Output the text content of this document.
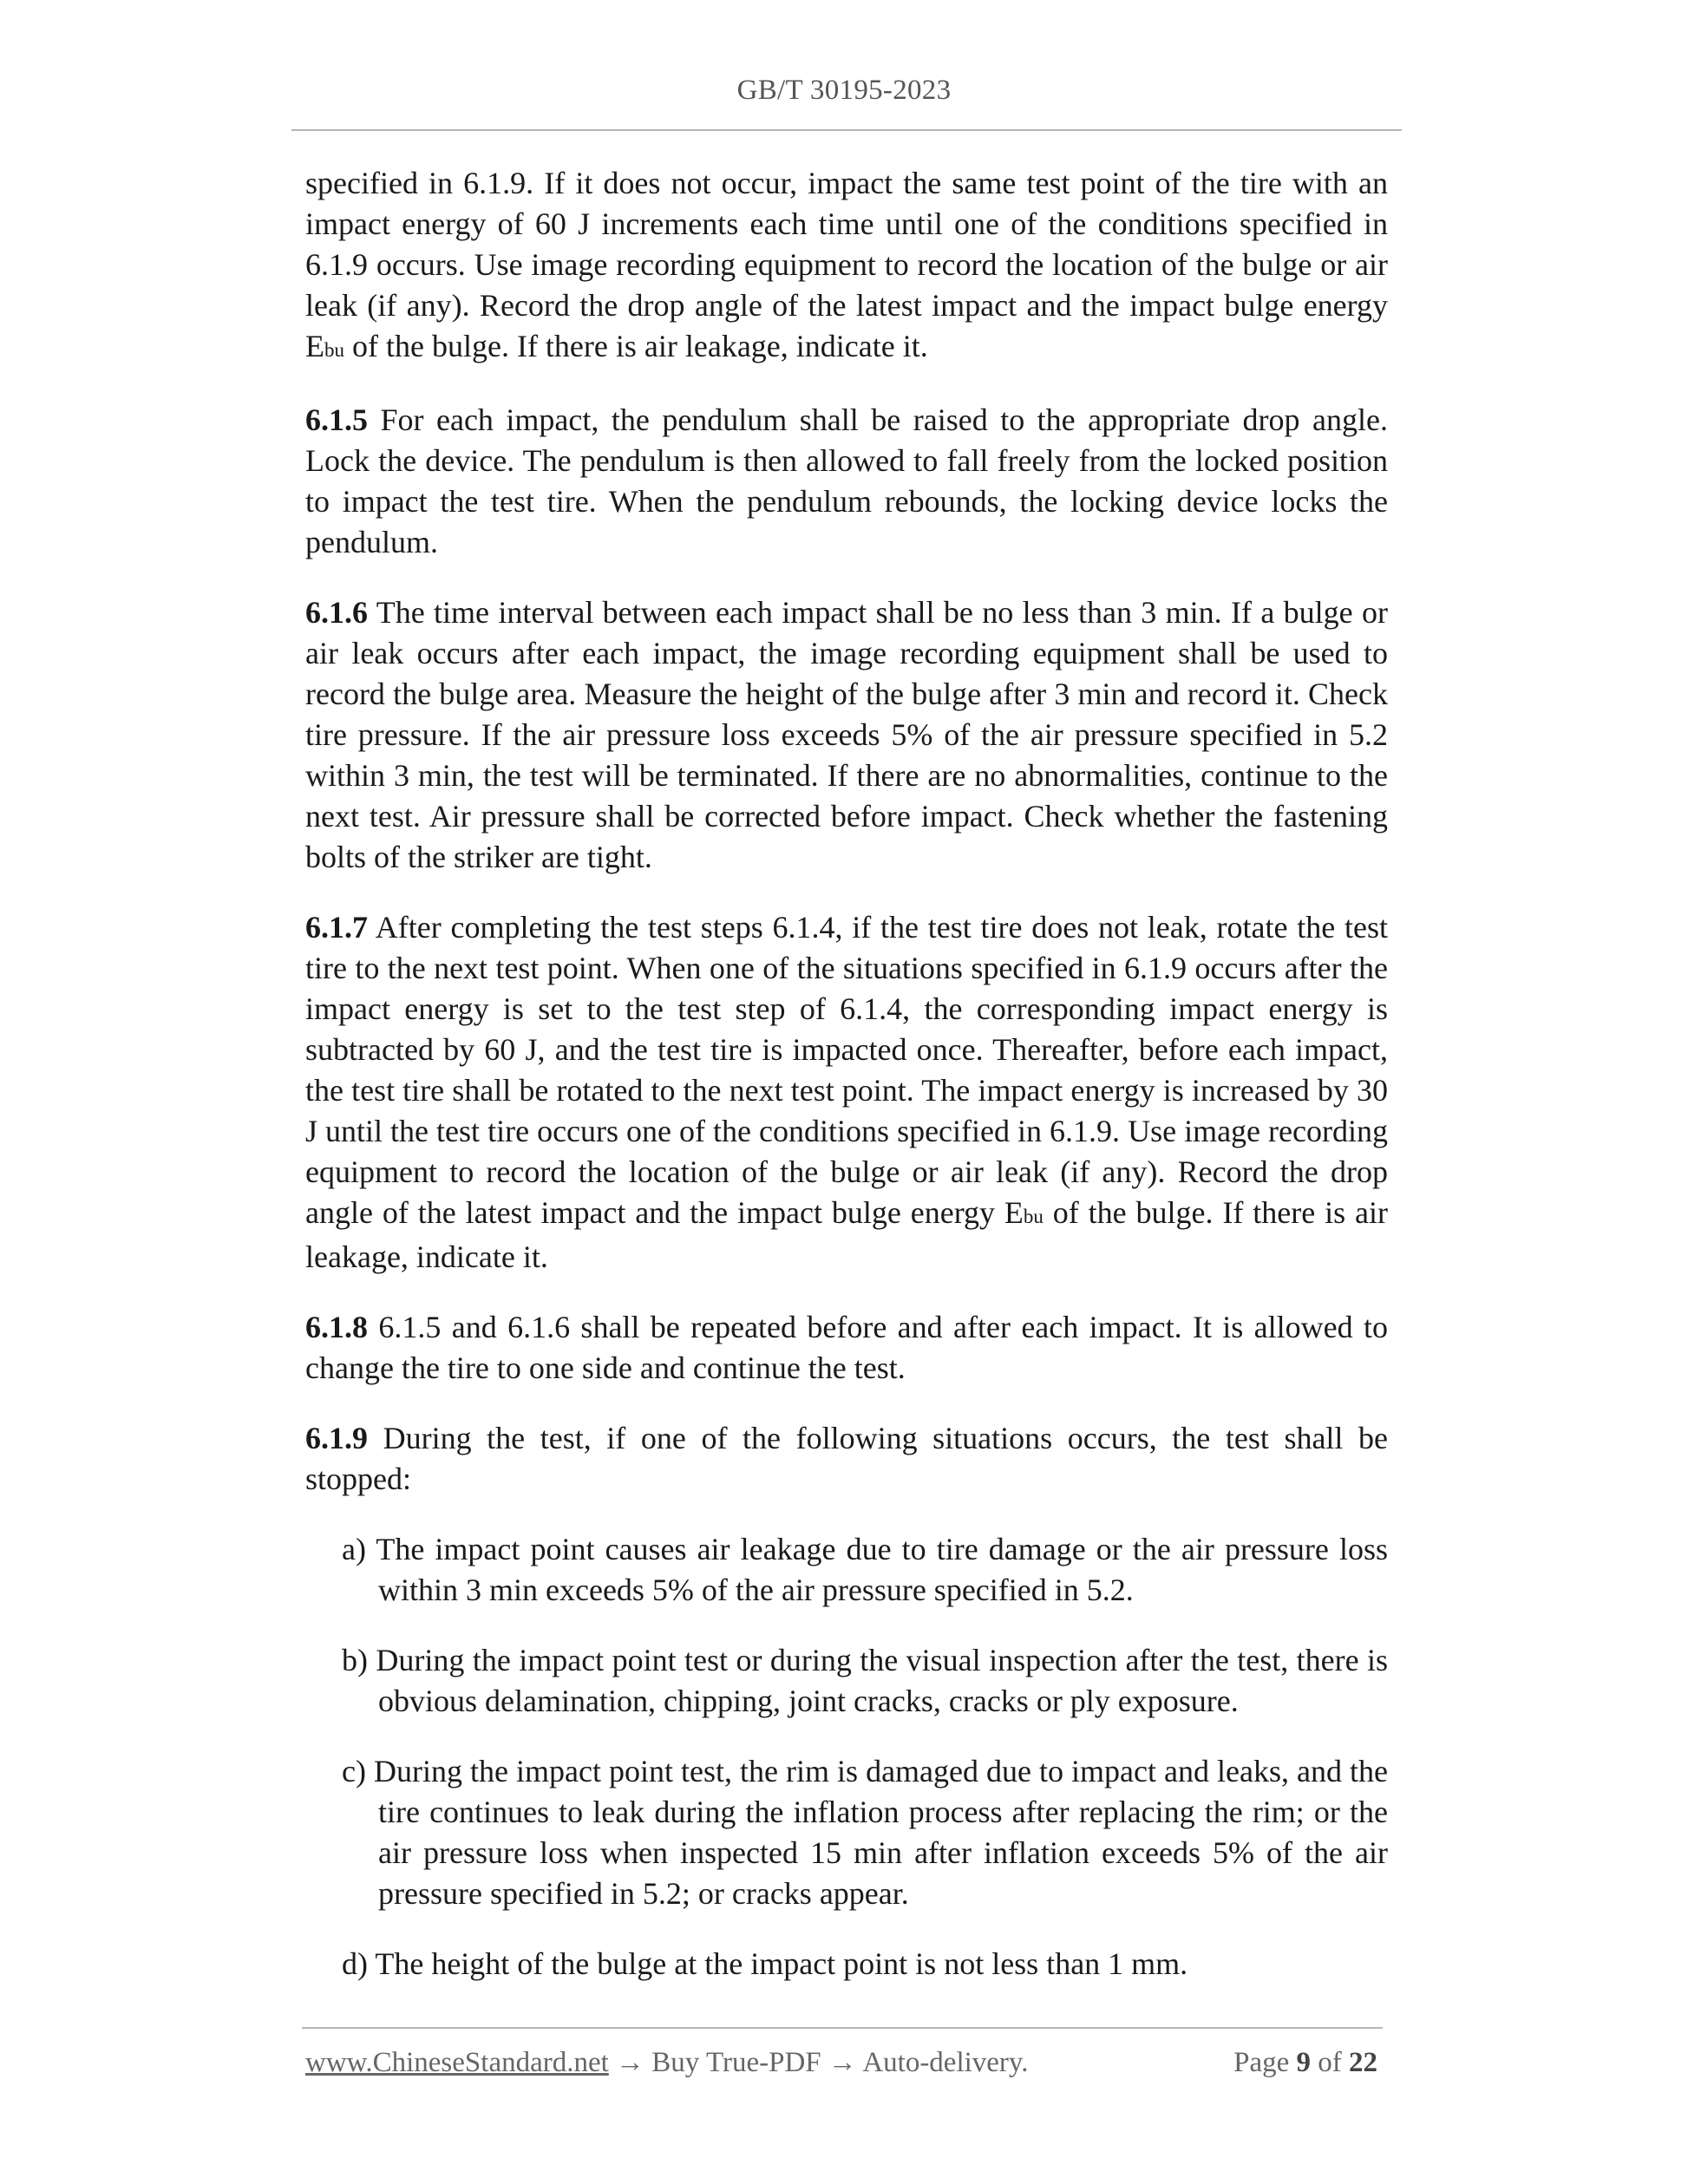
GB/T 30195-2023

specified in 6.1.9. If it does not occur, impact the same test point of the tire with an impact energy of 60 J increments each time until one of the conditions specified in 6.1.9 occurs. Use image recording equipment to record the location of the bulge or air leak (if any). Record the drop angle of the latest impact and the impact bulge energy Ebu of the bulge. If there is air leakage, indicate it.

6.1.5 For each impact, the pendulum shall be raised to the appropriate drop angle. Lock the device. The pendulum is then allowed to fall freely from the locked position to impact the test tire. When the pendulum rebounds, the locking device locks the pendulum.

6.1.6 The time interval between each impact shall be no less than 3 min. If a bulge or air leak occurs after each impact, the image recording equipment shall be used to record the bulge area. Measure the height of the bulge after 3 min and record it. Check tire pressure. If the air pressure loss exceeds 5% of the air pressure specified in 5.2 within 3 min, the test will be terminated. If there are no abnormalities, continue to the next test. Air pressure shall be corrected before impact. Check whether the fastening bolts of the striker are tight.

6.1.7 After completing the test steps 6.1.4, if the test tire does not leak, rotate the test tire to the next test point. When one of the situations specified in 6.1.9 occurs after the impact energy is set to the test step of 6.1.4, the corresponding impact energy is subtracted by 60 J, and the test tire is impacted once. Thereafter, before each impact, the test tire shall be rotated to the next test point. The impact energy is increased by 30 J until the test tire occurs one of the conditions specified in 6.1.9. Use image recording equipment to record the location of the bulge or air leak (if any). Record the drop angle of the latest impact and the impact bulge energy Ebu of the bulge. If there is air leakage, indicate it.

6.1.8 6.1.5 and 6.1.6 shall be repeated before and after each impact. It is allowed to change the tire to one side and continue the test.

6.1.9 During the test, if one of the following situations occurs, the test shall be stopped:

a) The impact point causes air leakage due to tire damage or the air pressure loss within 3 min exceeds 5% of the air pressure specified in 5.2.

b) During the impact point test or during the visual inspection after the test, there is obvious delamination, chipping, joint cracks, cracks or ply exposure.

c) During the impact point test, the rim is damaged due to impact and leaks, and the tire continues to leak during the inflation process after replacing the rim; or the air pressure loss when inspected 15 min after inflation exceeds 5% of the air pressure specified in 5.2; or cracks appear.

d) The height of the bulge at the impact point is not less than 1 mm.

www.ChineseStandard.net → Buy True-PDF → Auto-delivery.	Page 9 of 22
